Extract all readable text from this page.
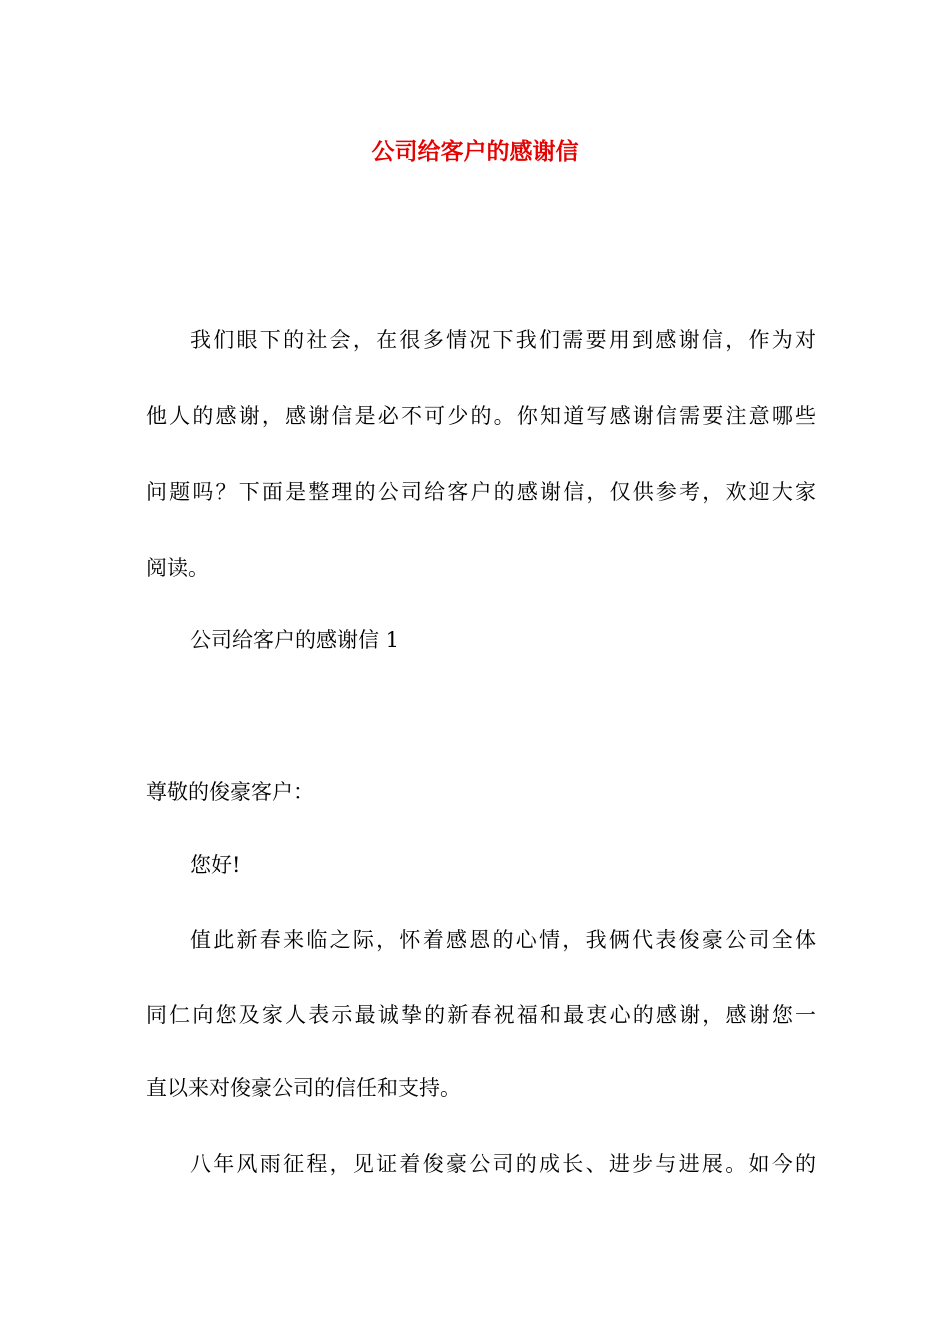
公司给客户的感谢信

我们眼下的社会，在很多情况下我们需要用到感谢信，作为对

他人的感谢，感谢信是必不可少的。你知道写感谢信需要注意哪些

问题吗？下面是整理的公司给客户的感谢信，仅供参考，欢迎大家

阅读。

公司给客户的感谢信 1

尊敬的俊豪客户：

您好!

值此新春来临之际，怀着感恩的心情，我俩代表俊豪公司全体

同仁向您及家人表示最诚挚的新春祝福和最衷心的感谢，感谢您一

直以来对俊豪公司的信任和支持。

八年风雨征程，见证着俊豪公司的成长、进步与进展。如今的
